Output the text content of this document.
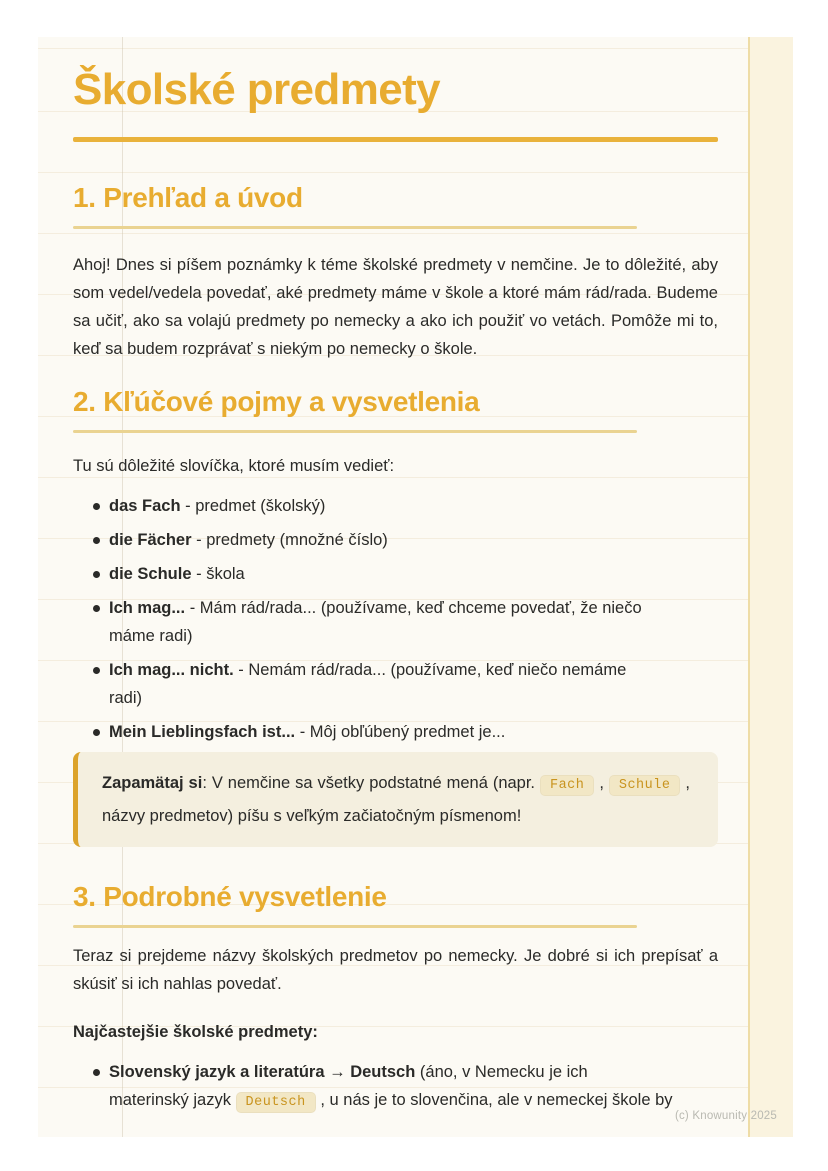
Školské predmety
1. Prehľad a úvod

Ahoj! Dnes si píšem poznámky k téme školské predmety v nemčine. Je to dôležité, aby som vedel/vedela povedať, aké predmety máme v škole a ktoré mám rád/rada. Budeme sa učiť, ako sa volajú predmety po nemecky a ako ich použiť vo vetách. Pomôže mi to, keď sa budem rozprávať s niekým po nemecky o škole.

2. Kľúčové pojmy a vysvetlenia

Tu sú dôležité slovíčka, ktoré musím vedieť:

das Fach - predmet (školský)
die Fächer - predmety (množné číslo)
die Schule - škola
Ich mag... - Mám rád/rada... (používame, keď chceme povedať, že niečo
máme radi)
Ich mag... nicht. - Nemám rád/rada... (používame, keď niečo nemáme
radi)
Mein Lieblingsfach ist... - Môj obľúbený predmet je...
Zapamätaj si: V nemčine sa všetky podstatné mená (napr. Fach , Schule , názvy predmetov) píšu s veľkým začiatočným písmenom!
3. Podrobné vysvetlenie

Teraz si prejdeme názvy školských predmetov po nemecky. Je dobré si ich prepísať a skúsiť si ich nahlas povedať.

Najčastejšie školské predmety:

Slovenský jazyk a literatúra → Deutsch (áno, v Nemecku je ich
materinský jazyk Deutsch , u nás je to slovenčina, ale v nemeckej škole by
(c) Knowunity 2025
